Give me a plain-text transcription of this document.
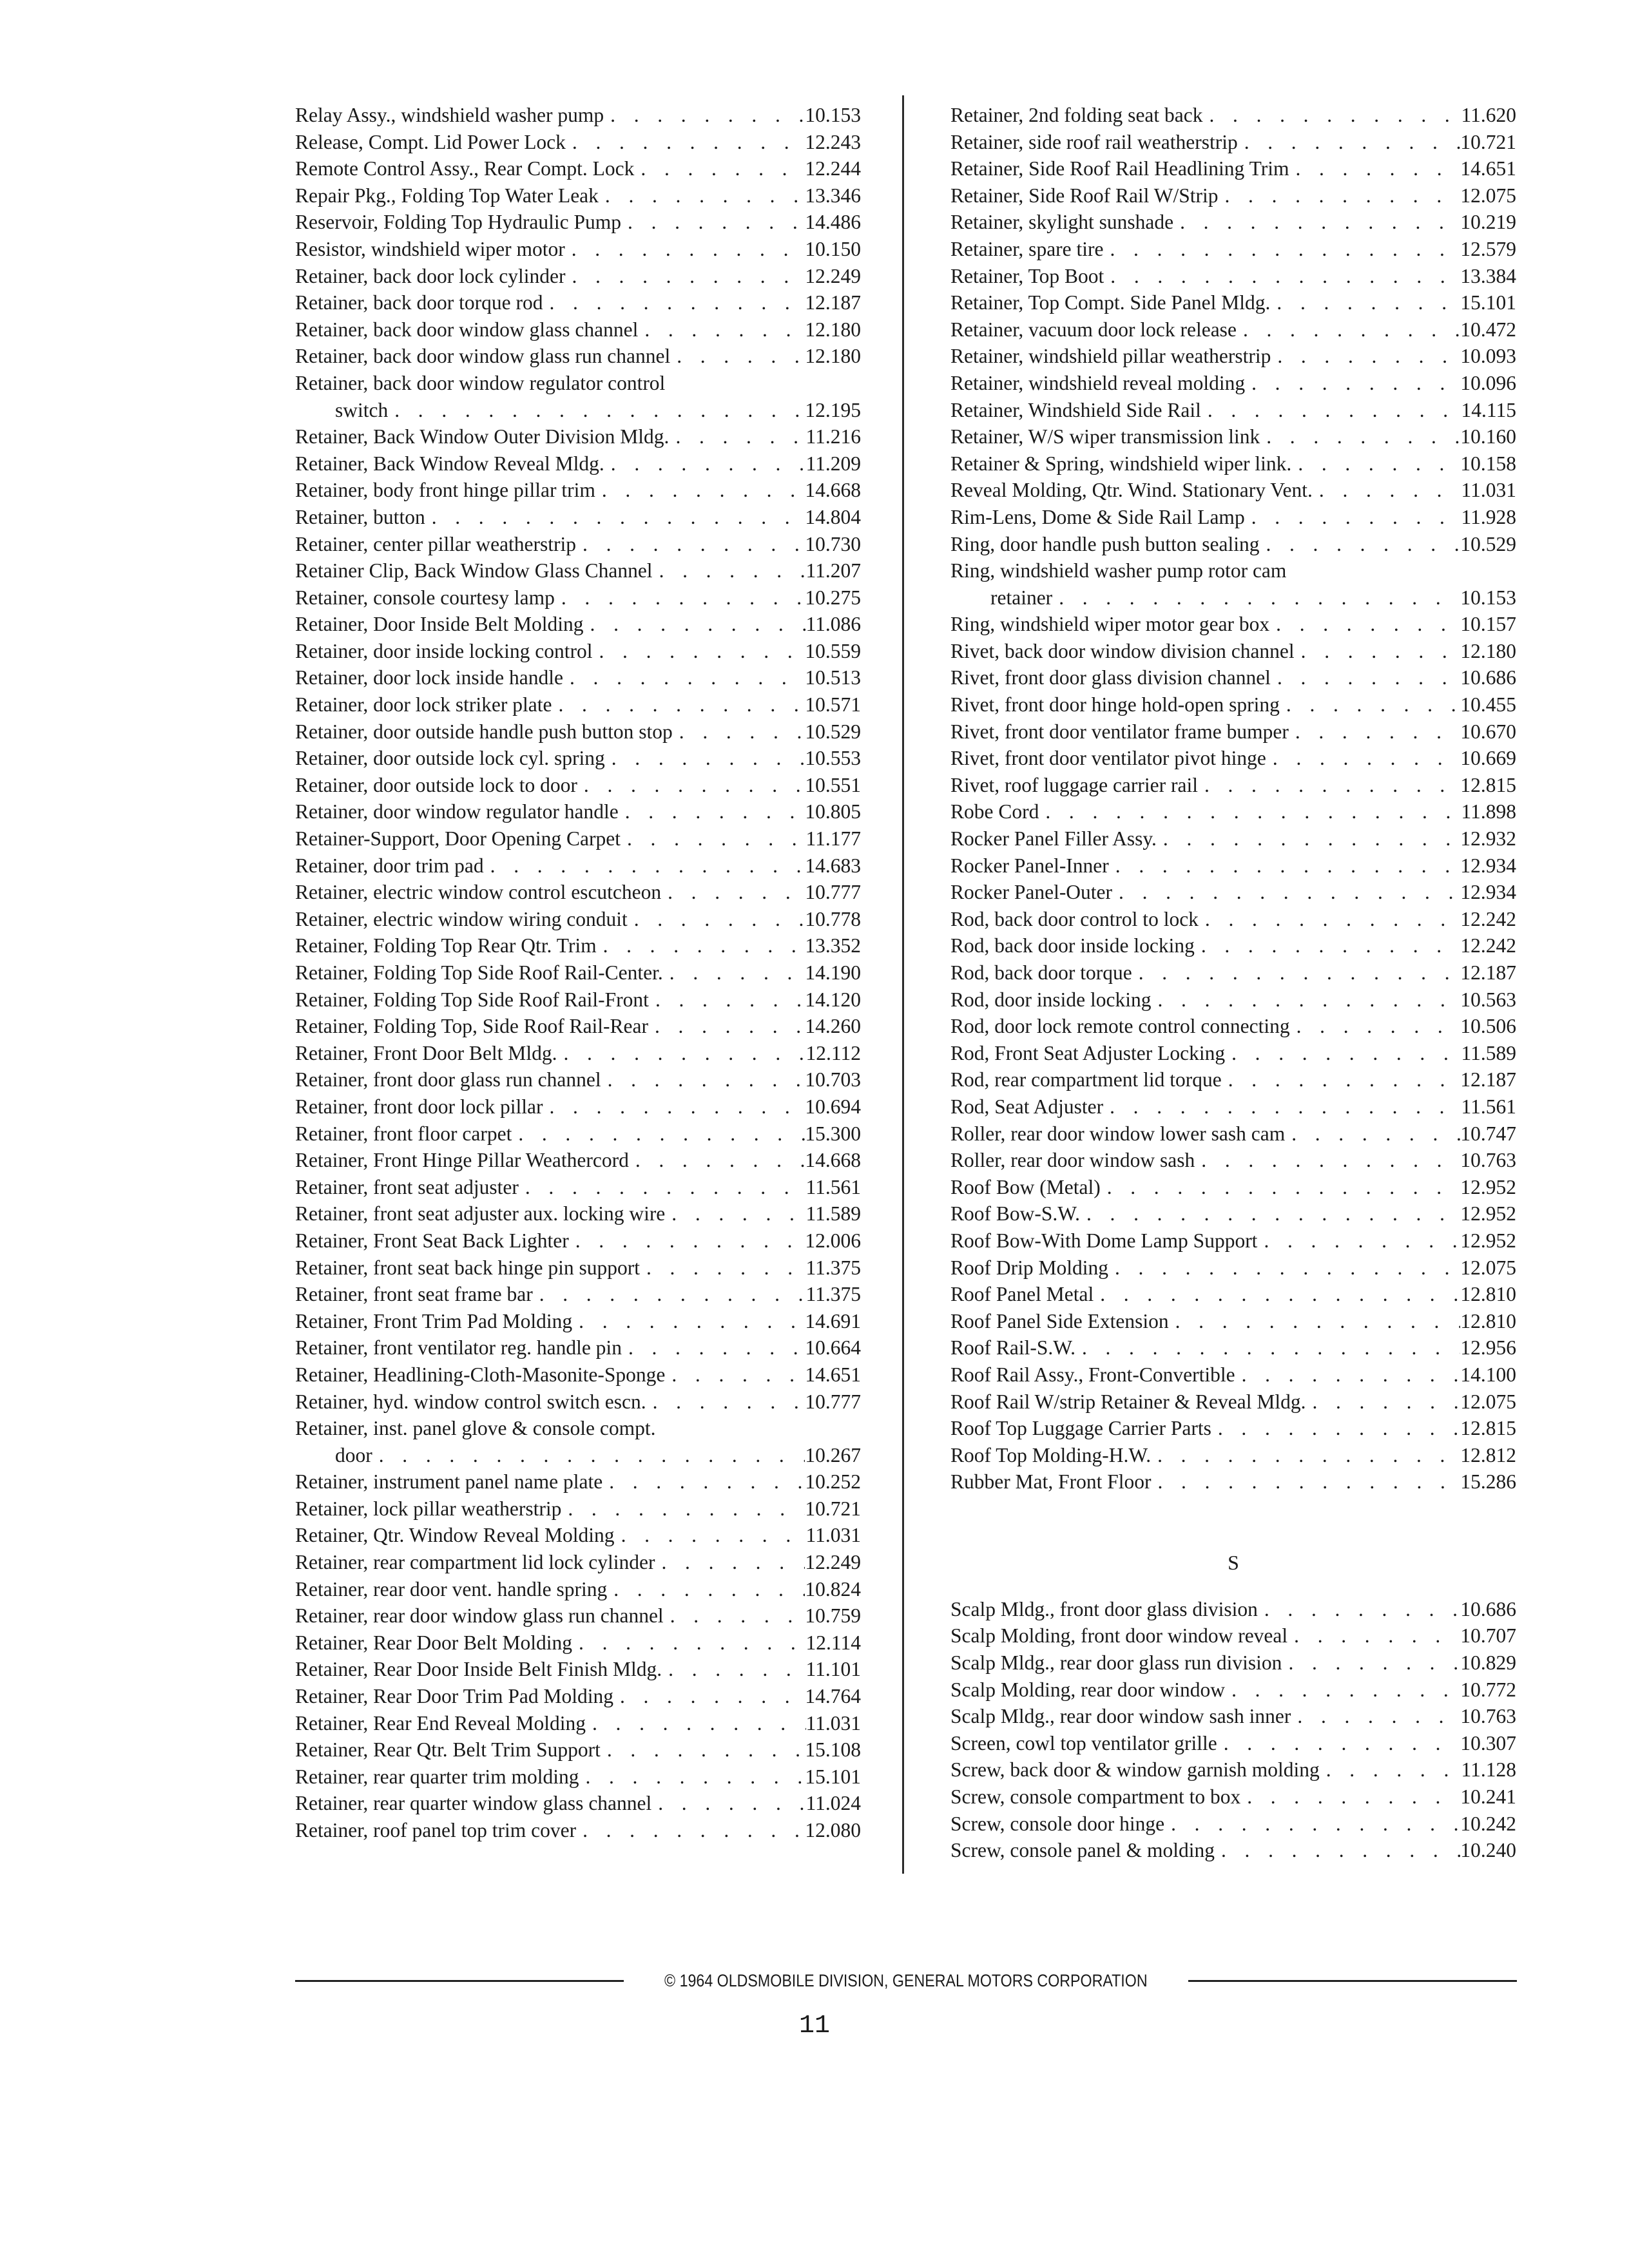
Relay Assy., windshield washer pump . . .	10.153
Release, Compt. Lid Power Lock . . .	12.243
Remote Control Assy., Rear Compt. Lock . . .	12.244
Repair Pkg., Folding Top Water Leak . . .	13.346
Reservoir, Folding Top Hydraulic Pump . . .	14.486
Resistor, windshield wiper motor . . .	10.150
Retainer, back door lock cylinder . . .	12.249
Retainer, back door torque rod . . .	12.187
Retainer, back door window glass channel . . .	12.180
Retainer, back door window glass run channel . . .	12.180
Retainer, back door window regulator control
switch . . .	12.195
Retainer, Back Window Outer Division Mldg. . . .	11.216
Retainer, Back Window Reveal Mldg. . . .	11.209
Retainer, body front hinge pillar trim . . .	14.668
Retainer, button . . .	14.804
Retainer, center pillar weatherstrip . . .	10.730
Retainer Clip, Back Window Glass Channel . . .	11.207
Retainer, console courtesy lamp . . .	10.275
Retainer, Door Inside Belt Molding . . .	11.086
Retainer, door inside locking control . . .	10.559
Retainer, door lock inside handle . . .	10.513
Retainer, door lock striker plate . . .	10.571
Retainer, door outside handle push button stop . . .	10.529
Retainer, door outside lock cyl. spring . . .	10.553
Retainer, door outside lock to door . . .	10.551
Retainer, door window regulator handle . . .	10.805
Retainer-Support, Door Opening Carpet . . .	11.177
Retainer, door trim pad . . .	14.683
Retainer, electric window control escutcheon . . .	10.777
Retainer, electric window wiring conduit . . .	10.778
Retainer, Folding Top Rear Qtr. Trim . . .	13.352
Retainer, Folding Top Side Roof Rail-Center. . . .	14.190
Retainer, Folding Top Side Roof Rail-Front . . .	14.120
Retainer, Folding Top, Side Roof Rail-Rear . . .	14.260
Retainer, Front Door Belt Mldg. . . .	12.112
Retainer, front door glass run channel . . .	10.703
Retainer, front door lock pillar . . .	10.694
Retainer, front floor carpet . . .	15.300
Retainer, Front Hinge Pillar Weathercord . . .	14.668
Retainer, front seat adjuster . . .	11.561
Retainer, front seat adjuster aux. locking wire . . .	11.589
Retainer, Front Seat Back Lighter . . .	12.006
Retainer, front seat back hinge pin support . . .	11.375
Retainer, front seat frame bar . . .	11.375
Retainer, Front Trim Pad Molding . . .	14.691
Retainer, front ventilator reg. handle pin . . .	10.664
Retainer, Headlining-Cloth-Masonite-Sponge . . .	14.651
Retainer, hyd. window control switch escn. . . .	10.777
Retainer, inst. panel glove & console compt.
door . . .	10.267
Retainer, instrument panel name plate . . .	10.252
Retainer, lock pillar weatherstrip . . .	10.721
Retainer, Qtr. Window Reveal Molding . . .	11.031
Retainer, rear compartment lid lock cylinder . . .	12.249
Retainer, rear door vent. handle spring . . .	10.824
Retainer, rear door window glass run channel . . .	10.759
Retainer, Rear Door Belt Molding . . .	12.114
Retainer, Rear Door Inside Belt Finish Mldg. . . .	11.101
Retainer, Rear Door Trim Pad Molding . . .	14.764
Retainer, Rear End Reveal Molding . . .	11.031
Retainer, Rear Qtr. Belt Trim Support . . .	15.108
Retainer, rear quarter trim molding . . .	15.101
Retainer, rear quarter window glass channel . . .	11.024
Retainer, roof panel top trim cover . . .	12.080
Retainer, 2nd folding seat back . . .	11.620
Retainer, side roof rail weatherstrip . . .	10.721
Retainer, Side Roof Rail Headlining Trim . . .	14.651
Retainer, Side Roof Rail W/Strip . . .	12.075
Retainer, skylight sunshade . . .	10.219
Retainer, spare tire . . .	12.579
Retainer, Top Boot . . .	13.384
Retainer, Top Compt. Side Panel Mldg. . . .	15.101
Retainer, vacuum door lock release . . .	10.472
Retainer, windshield pillar weatherstrip . . .	10.093
Retainer, windshield reveal molding . . .	10.096
Retainer, Windshield Side Rail . . .	14.115
Retainer, W/S wiper transmission link . . .	10.160
Retainer & Spring, windshield wiper link. . . .	10.158
Reveal Molding, Qtr. Wind. Stationary Vent. . . .	11.031
Rim-Lens, Dome & Side Rail Lamp . . .	11.928
Ring, door handle push button sealing . . .	10.529
Ring, windshield washer pump rotor cam
retainer . . .	10.153
Ring, windshield wiper motor gear box . . .	10.157
Rivet, back door window division channel . . .	12.180
Rivet, front door glass division channel . . .	10.686
Rivet, front door hinge hold-open spring . . .	10.455
Rivet, front door ventilator frame bumper . . .	10.670
Rivet, front door ventilator pivot hinge . . .	10.669
Rivet, roof luggage carrier rail . . .	12.815
Robe Cord . . .	11.898
Rocker Panel Filler Assy. . . .	12.932
Rocker Panel-Inner . . .	12.934
Rocker Panel-Outer . . .	12.934
Rod, back door control to lock . . .	12.242
Rod, back door inside locking . . .	12.242
Rod, back door torque . . .	12.187
Rod, door inside locking . . .	10.563
Rod, door lock remote control connecting . . .	10.506
Rod, Front Seat Adjuster Locking . . .	11.589
Rod, rear compartment lid torque . . .	12.187
Rod, Seat Adjuster . . .	11.561
Roller, rear door window lower sash cam . . .	10.747
Roller, rear door window sash . . .	10.763
Roof Bow (Metal) . . .	12.952
Roof Bow-S.W. . . .	12.952
Roof Bow-With Dome Lamp Support . . .	12.952
Roof Drip Molding . . .	12.075
Roof Panel Metal . . .	12.810
Roof Panel Side Extension . . .	12.810
Roof Rail-S.W. . . .	12.956
Roof Rail Assy., Front-Convertible . . .	14.100
Roof Rail W/strip Retainer & Reveal Mldg. . . .	12.075
Roof Top Luggage Carrier Parts . . .	12.815
Roof Top Molding-H.W. . . .	12.812
Rubber Mat, Front Floor . . .	15.286
S
Scalp Mldg., front door glass division . . .	10.686
Scalp Molding, front door window reveal . . .	10.707
Scalp Mldg., rear door glass run division . . .	10.829
Scalp Molding, rear door window . . .	10.772
Scalp Mldg., rear door window sash inner . . .	10.763
Screen, cowl top ventilator grille . . .	10.307
Screw, back door & window garnish molding . . .	11.128
Screw, console compartment to box . . .	10.241
Screw, console door hinge . . .	10.242
Screw, console panel & molding . . .	10.240
© 1964 OLDSMOBILE DIVISION, GENERAL MOTORS CORPORATION
11
